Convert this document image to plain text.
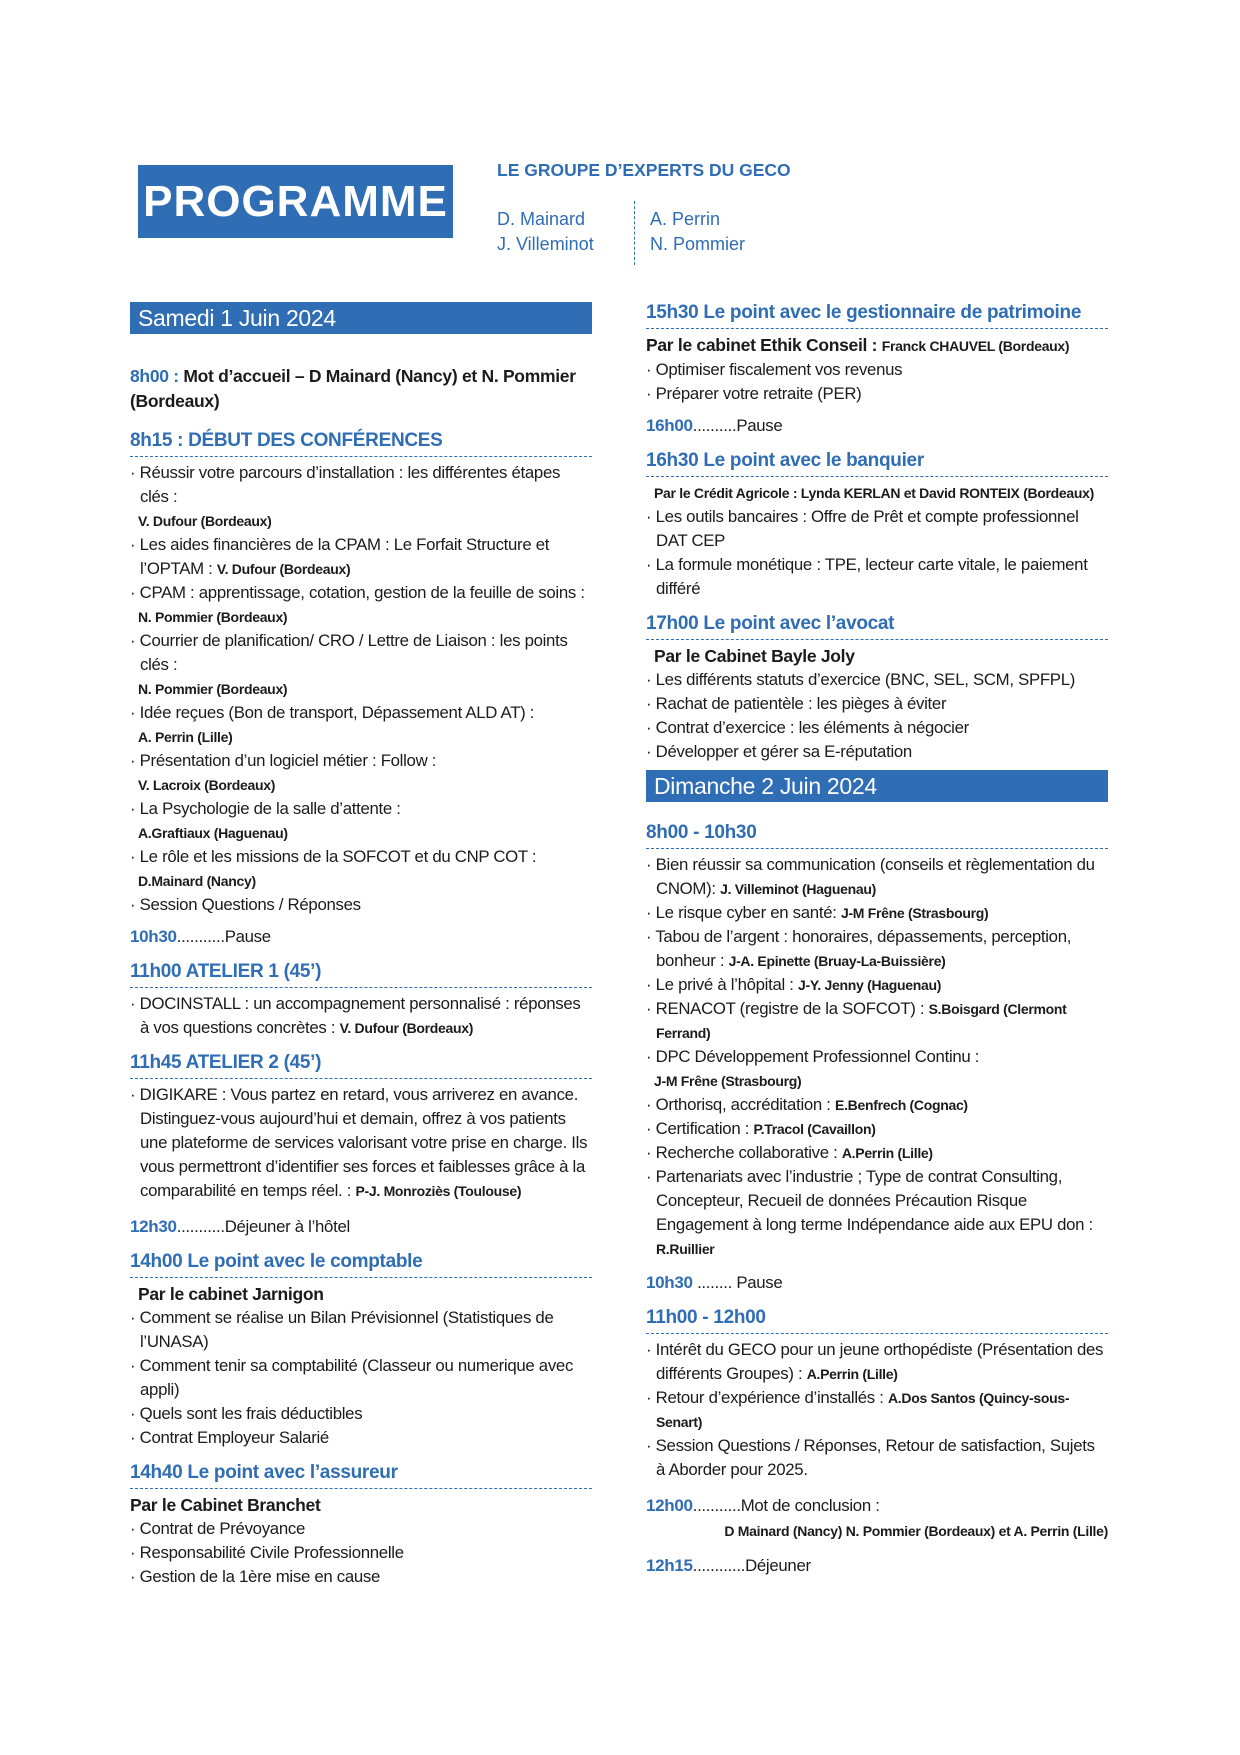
PROGRAMME
LE GROUPE D’EXPERTS DU GECO
D. Mainard
J. Villeminot
A. Perrin
N. Pommier
Samedi 1 Juin 2024
8h00 : Mot d’accueil – D Mainard (Nancy) et N. Pommier (Bordeaux)
8h15 : DÉBUT DES CONFÉRENCES
· Réussir votre parcours d’installation : les différentes étapes clés :
V. Dufour (Bordeaux)
· Les aides financières de la CPAM : Le Forfait Structure et l’OPTAM : V. Dufour (Bordeaux)
· CPAM : apprentissage, cotation, gestion de la feuille de soins :
N. Pommier (Bordeaux)
· Courrier de planification/ CRO / Lettre de Liaison : les points clés :
N. Pommier (Bordeaux)
· Idée reçues (Bon de transport, Dépassement ALD AT) :
A. Perrin (Lille)
· Présentation d’un logiciel métier : Follow :
V. Lacroix (Bordeaux)
· La Psychologie de la salle d’attente :
A.Graftiaux (Haguenau)
· Le rôle et les missions de la SOFCOT et du CNP COT :
D.Mainard (Nancy)
· Session Questions / Réponses
10h30...........Pause
11h00 ATELIER 1 (45’)
· DOCINSTALL : un accompagnement personnalisé : réponses à vos questions concrètes : V. Dufour (Bordeaux)
11h45 ATELIER 2 (45’)
· DIGIKARE : Vous partez en retard, vous arriverez en avance. Distinguez-vous aujourd’hui et demain, offrez à vos patients une plateforme de services valorisant votre prise en charge. Ils vous permettront d’identifier ses forces et faiblesses grâce à la comparabilité en temps réel. : P-J. Monroziès (Toulouse)
12h30...........Déjeuner à l’hôtel
14h00 Le point avec le comptable
Par le cabinet Jarnigon
· Comment se réalise un Bilan Prévisionnel (Statistiques de l’UNASA)
· Comment tenir sa comptabilité (Classeur ou numerique avec appli)
· Quels sont les frais déductibles
· Contrat Employeur Salarié
14h40 Le point avec l’assureur
Par le Cabinet Branchet
· Contrat de Prévoyance
· Responsabilité Civile Professionnelle
· Gestion de la 1ère mise en cause
15h30 Le point avec le gestionnaire de patrimoine
Par le cabinet Ethik Conseil : Franck CHAUVEL (Bordeaux)
· Optimiser fiscalement vos revenus
· Préparer votre retraite (PER)
16h00..........Pause
16h30 Le point avec le banquier
Par le Crédit Agricole : Lynda KERLAN et David RONTEIX (Bordeaux)
· Les outils bancaires : Offre de Prêt et compte professionnel DAT CEP
· La formule monétique : TPE, lecteur carte vitale, le paiement différé
17h00 Le point avec l’avocat
Par le Cabinet Bayle Joly
· Les différents statuts d’exercice (BNC, SEL, SCM, SPFPL)
· Rachat de patientèle : les pièges à éviter
· Contrat d’exercice : les éléments à négocier
· Développer et gérer sa E-réputation
Dimanche 2 Juin 2024
8h00 - 10h30
· Bien réussir sa communication (conseils et règlementation du CNOM): J. Villeminot (Haguenau)
· Le risque cyber en santé: J-M Frêne (Strasbourg)
· Tabou de l’argent : honoraires, dépassements, perception, bonheur : J-A. Epinette (Bruay-La-Buissière)
· Le privé à l’hôpital : J-Y. Jenny (Haguenau)
· RENACOT (registre de la SOFCOT) : S.Boisgard (Clermont Ferrand)
· DPC Développement Professionnel Continu :
J-M Frêne (Strasbourg)
· Orthorisq, accréditation : E.Benfrech (Cognac)
· Certification : P.Tracol (Cavaillon)
· Recherche collaborative : A.Perrin (Lille)
· Partenariats avec l’industrie ; Type de contrat Consulting, Concepteur, Recueil de données Précaution Risque Engagement à long terme Indépendance aide aux EPU don : R.Ruillier
10h30 ........ Pause
11h00 - 12h00
· Intérêt du GECO pour un jeune orthopédiste (Présentation des différents Groupes) : A.Perrin (Lille)
· Retour d’expérience d’installés : A.Dos Santos (Quincy-sous-Senart)
· Session Questions / Réponses, Retour de satisfaction, Sujets à Aborder pour 2025.
12h00...........Mot de conclusion :
D Mainard (Nancy) N. Pommier (Bordeaux) et A. Perrin (Lille)
12h15............Déjeuner
